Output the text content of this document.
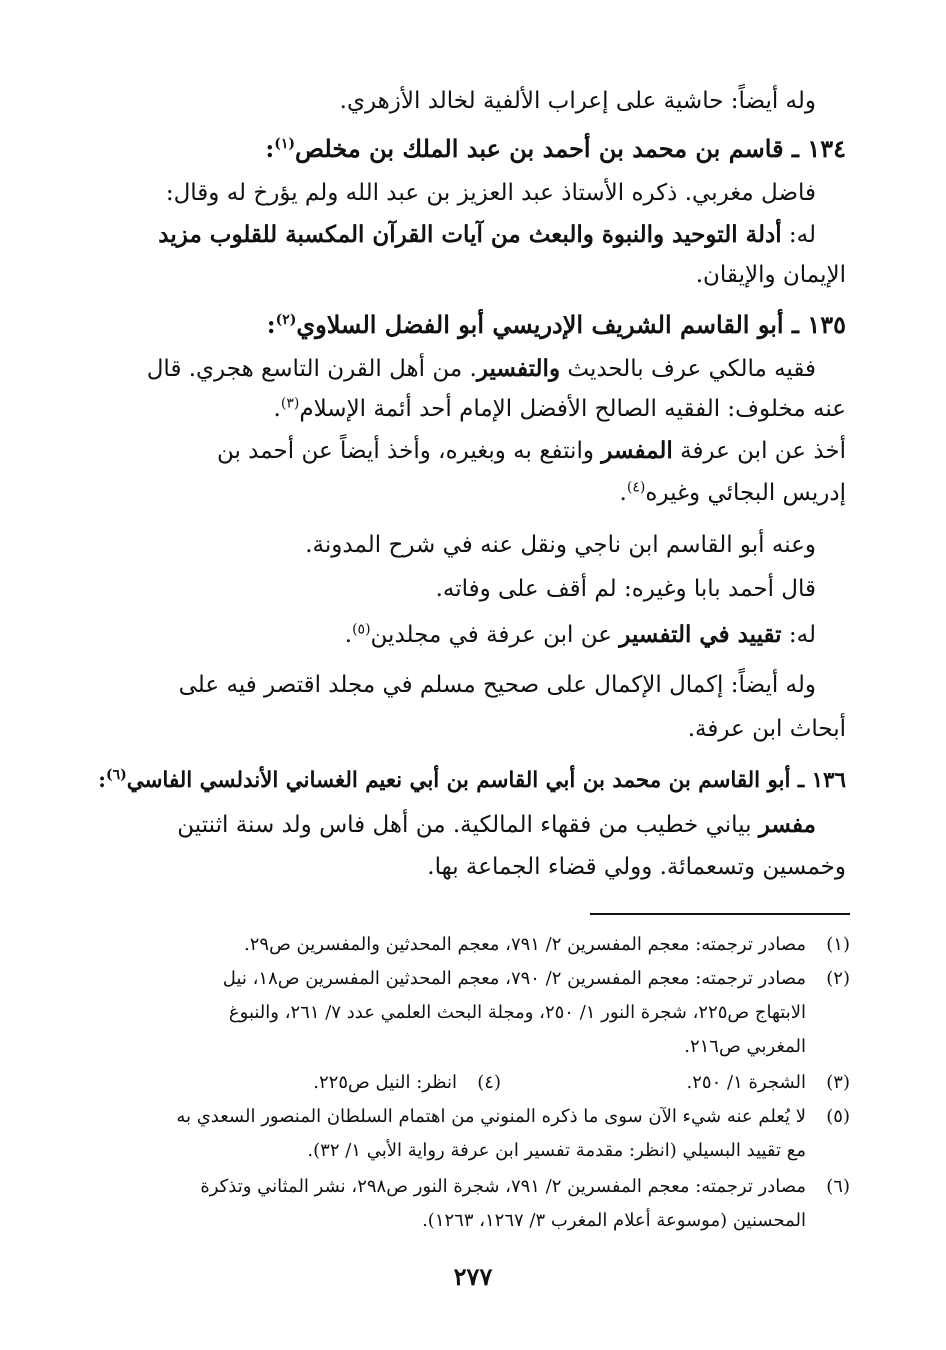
وله أيضاً: حاشية على إعراب الألفية لخالد الأزهري.
١٣٤ ـ قاسم بن محمد بن أحمد بن عبد الملك بن مخلص$^{(١)}$:
فاضل مغربي. ذكره الأستاذ عبد العزيز بن عبد الله ولم يؤرخ له وقال:
له: أدلة التوحيد والنبوة والبعث من آيات القرآن المكسبة للقلوب مزيد
الإيمان والإيقان.
١٣٥ ـ أبو القاسم الشريف الإدريسي أبو الفضل السلاوي$^{(٢)}$:
فقيه مالكي عرف بالحديث والتفسير. من أهل القرن التاسع هجري. قال
عنه مخلوف: الفقيه الصالح الأفضل الإمام أحد أئمة الإسلام$^{(٣)}$.
أخذ عن ابن عرفة المفسر وانتفع به وبغيره، وأخذ أيضاً عن أحمد بن
إدريس البجائي وغيره$^{(٤)}$.
وعنه أبو القاسم ابن ناجي ونقل عنه في شرح المدونة.
قال أحمد بابا وغيره: لم أقف على وفاته.
له: تقييد في التفسير عن ابن عرفة في مجلدين$^{(٥)}$.
وله أيضاً: إكمال الإكمال على صحيح مسلم في مجلد اقتصر فيه على
أبحاث ابن عرفة.
١٣٦ ـ أبو القاسم بن محمد بن أبي القاسم بن أبي نعيم الغساني الأندلسي الفاسي$^{(٦)}$:
مفسر بياني خطيب من فقهاء المالكية. من أهل فاس ولد سنة اثنتين
وخمسين وتسعمائة. وولي قضاء الجماعة بها.
(١)مصادر ترجمته: معجم المفسرين ٢/ ٧٩١، معجم المحدثين والمفسرين ص٢٩.
(٢)مصادر ترجمته: معجم المفسرين ٢/ ٧٩٠، معجم المحدثين المفسرين ص١٨، نيل
الابتهاج ص٢٢٥، شجرة النور ١/ ٢٥٠، ومجلة البحث العلمي عدد ٧/ ٢٦١، والنبوغ
المغربي ص٢١٦.
(٣)الشجرة ١/ ٢٥٠.
(٤)انظر: النيل ص٢٢٥.
(٥)لا يُعلم عنه شيء الآن سوى ما ذكره المنوني من اهتمام السلطان المنصور السعدي به
مع تقييد البسيلي (انظر: مقدمة تفسير ابن عرفة رواية الأبي ١/ ٣٢).
(٦)مصادر ترجمته: معجم المفسرين ٢/ ٧٩١، شجرة النور ص٢٩٨، نشر المثاني وتذكرة
المحسنين (موسوعة أعلام المغرب ٣/ ١٢٦٧، ١٢٦٣).
٢٧٧
